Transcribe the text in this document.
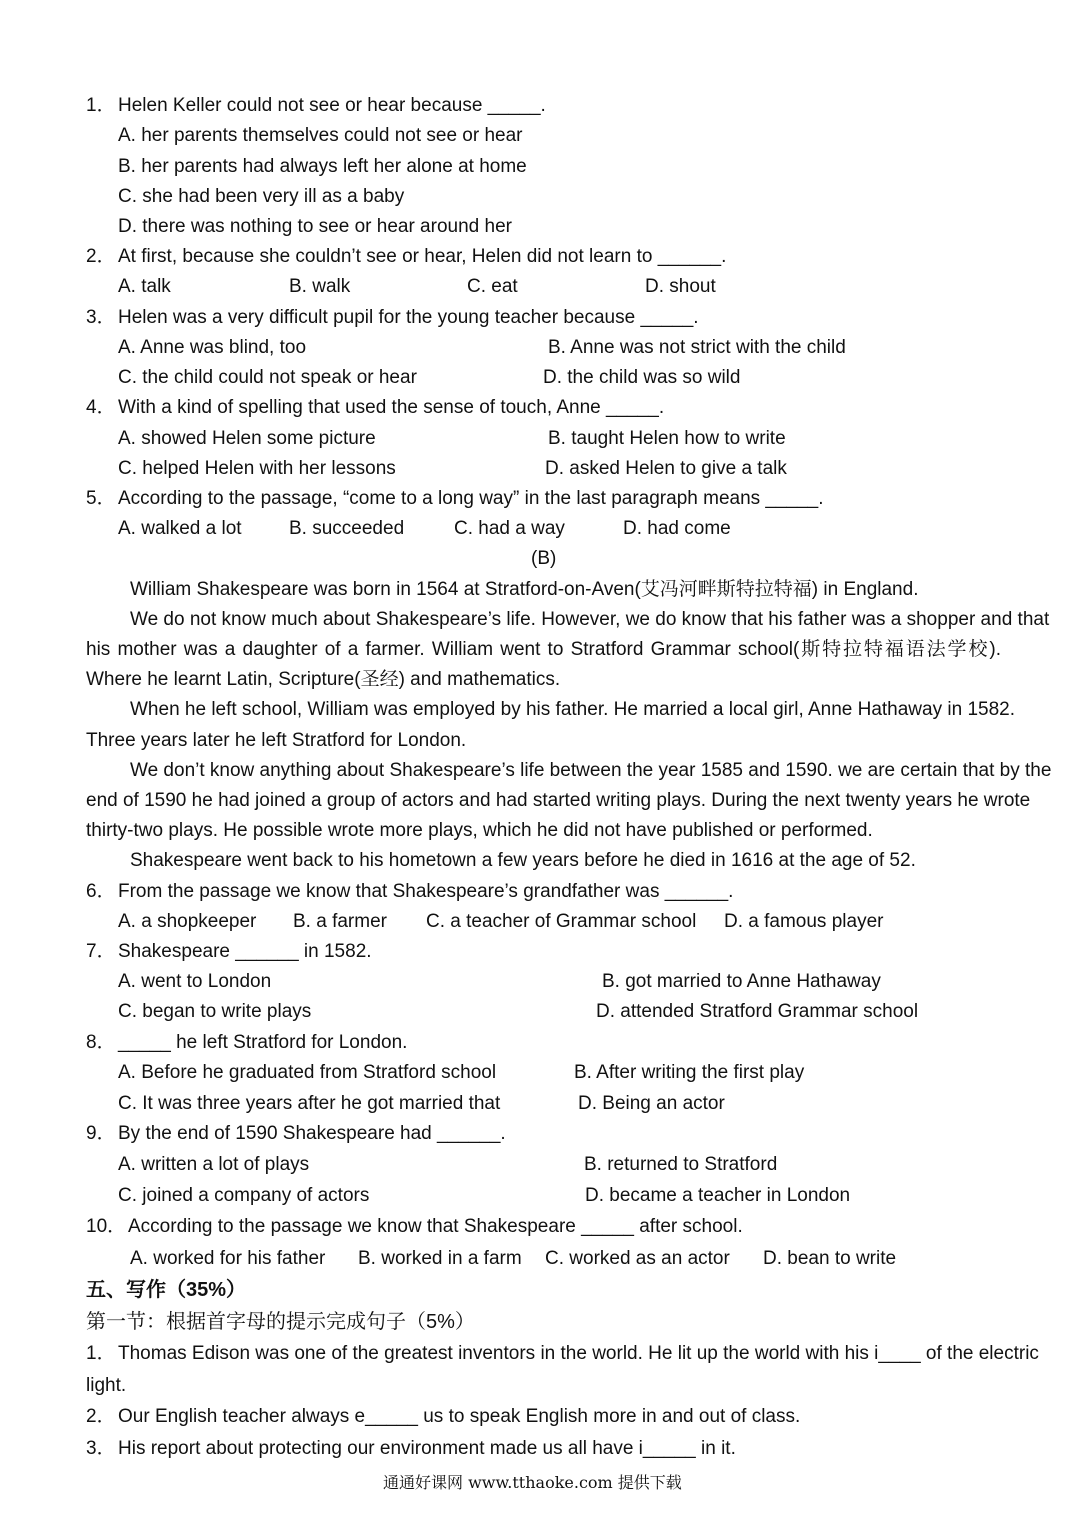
1． Helen Keller could not see or hear because _____.
A. her parents themselves could not see or hear
B. her parents had always left her alone at home
C. she had been very ill as a baby
D. there was nothing to see or hear around her
2． At first, because she couldn’t see or hear, Helen did not learn to ______.
A. talk	B. walk	C. eat	D. shout
3． Helen was a very difficult pupil for the young teacher because _____.
A. Anne was blind, too	B. Anne was not strict with the child
C. the child could not speak or hear	D. the child was so wild
4． With a kind of spelling that used the sense of touch, Anne _____.
A. showed Helen some picture	B. taught Helen how to write
C. helped Helen with her lessons	D. asked Helen to give a talk
5． According to the passage, “come to a long way” in the last paragraph means _____.
A. walked a lot B. succeeded	C. had a way	D. had come
(B)
William Shakespeare was born in 1564 at Stratford-on-Aven(艾冯河畔斯特拉特福) in England.
We do not know much about Shakespeare’s life. However, we do know that his father was a shopper and that
his mother was a daughter of a farmer. William went to Stratford Grammar school(斯特拉特福语法学校).
Where he learnt Latin, Scripture(圣经) and mathematics.
When he left school, William was employed by his father. He married a local girl, Anne Hathaway in 1582.
Three years later he left Stratford for London.
We don’t know anything about Shakespeare’s life between the year 1585 and 1590. we are certain that by the
end of 1590 he had joined a group of actors and had started writing plays. During the next twenty years he wrote
thirty-two plays. He possible wrote more plays, which he did not have published or performed.
Shakespeare went back to his hometown a few years before he died in 1616 at the age of 52.
6． From the passage we know that Shakespeare’s grandfather was ______.
A. a shopkeeper B. a farmer C. a teacher of Grammar school D. a famous player
7． Shakespeare ______ in 1582.
A. went to London	B. got married to Anne Hathaway
C. began to write plays	D. attended Stratford Grammar school
8． _____ he left Stratford for London.
A. Before he graduated from Stratford school	B. After writing the first play
C. It was three years after he got married that	D. Being an actor
9． By the end of 1590 Shakespeare had ______.
A. written a lot of plays	B. returned to Stratford
C. joined a company of actors	D. became a teacher in London
10． According to the passage we know that Shakespeare _____ after school.
A. worked for his father B. worked in a farm C. worked as an actor D. bean to write
五、写作（35%）
第一节：根据首字母的提示完成句子（5%）
1． Thomas Edison was one of the greatest inventors in the world. He lit up the world with his i____ of the electric
light.
2． Our English teacher always e_____ us to speak English more in and out of class.
3． His report about protecting our environment made us all have i_____ in it.
通通好课网 www.tthaoke.com 提供下载
